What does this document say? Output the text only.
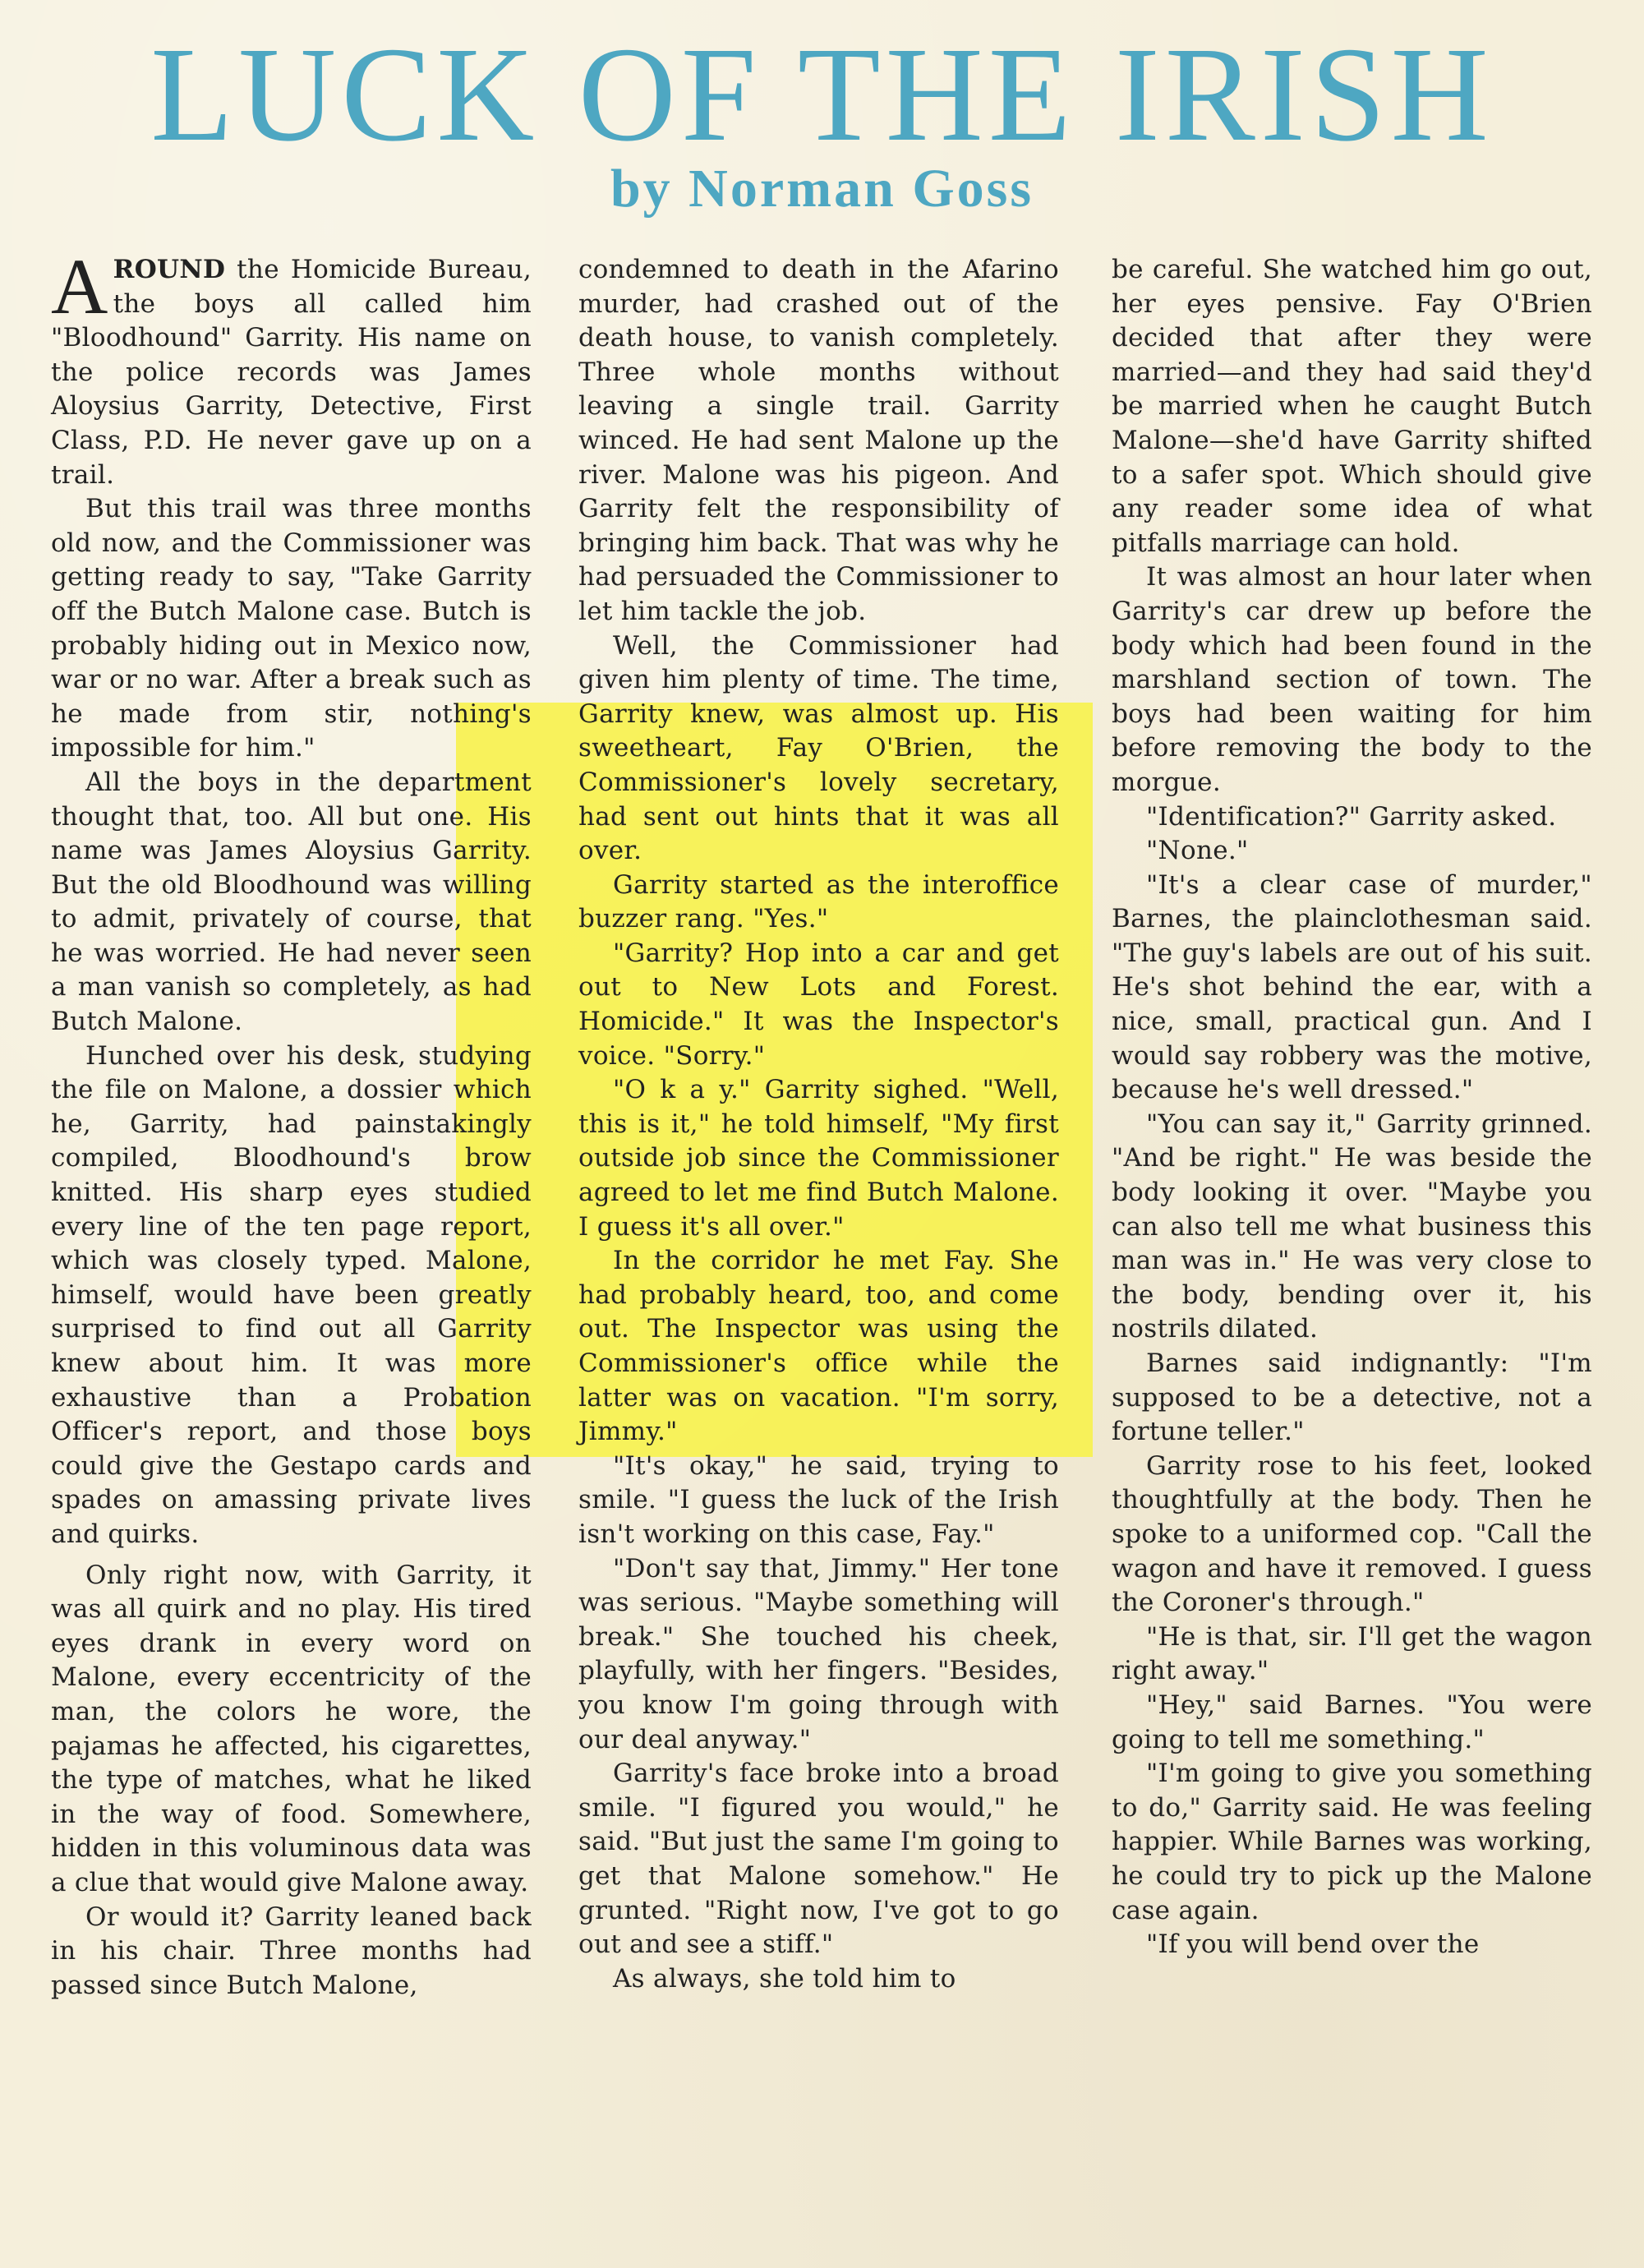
LUCK OF THE IRISH
by Norman Goss

AROUND the Homicide Bureau, the boys all called him "Bloodhound" Garrity. His name on the police records was James Aloysius Garrity, Detective, First Class, P.D. He never gave up on a trail.

But this trail was three months old now, and the Commissioner was getting ready to say, "Take Garrity off the Butch Malone case. Butch is probably hiding out in Mexico now, war or no war. After a break such as he made from stir, nothing's impossible for him."

All the boys in the department thought that, too. All but one. His name was James Aloysius Garrity. But the old Bloodhound was willing to admit, privately of course, that he was worried. He had never seen a man vanish so completely, as had Butch Malone.

Hunched over his desk, studying the file on Malone, a dossier which he, Garrity, had painstakingly compiled, Bloodhound's brow knitted. His sharp eyes studied every line of the ten page report, which was closely typed. Malone, himself, would have been greatly surprised to find out all Garrity knew about him. It was more exhaustive than a Probation Officer's report, and those boys could give the Gestapo cards and spades on amassing private lives and quirks.

Only right now, with Garrity, it was all quirk and no play. His tired eyes drank in every word on Malone, every eccentricity of the man, the colors he wore, the pajamas he affected, his cigarettes, the type of matches, what he liked in the way of food. Somewhere, hidden in this voluminous data was a clue that would give Malone away.

Or would it? Garrity leaned back in his chair. Three months had passed since Butch Malone,

condemned to death in the Afarino murder, had crashed out of the death house, to vanish completely. Three whole months without leaving a single trail. Garrity winced. He had sent Malone up the river. Malone was his pigeon. And Garrity felt the responsibility of bringing him back. That was why he had persuaded the Commissioner to let him tackle the job.

Well, the Commissioner had given him plenty of time. The time, Garrity knew, was almost up. His sweetheart, Fay O'Brien, the Commissioner's lovely secretary, had sent out hints that it was all over.

Garrity started as the interoffice buzzer rang. "Yes."

"Garrity? Hop into a car and get out to New Lots and Forest. Homicide." It was the Inspector's voice. "Sorry."

"O k a y." Garrity sighed. "Well, this is it," he told himself, "My first outside job since the Commissioner agreed to let me find Butch Malone. I guess it's all over."

In the corridor he met Fay. She had probably heard, too, and come out. The Inspector was using the Commissioner's office while the latter was on vacation. "I'm sorry, Jimmy."

"It's okay," he said, trying to smile. "I guess the luck of the Irish isn't working on this case, Fay."

"Don't say that, Jimmy." Her tone was serious. "Maybe something will break." She touched his cheek, playfully, with her fingers. "Besides, you know I'm going through with our deal anyway."

Garrity's face broke into a broad smile. "I figured you would," he said. "But just the same I'm going to get that Malone somehow." He grunted. "Right now, I've got to go out and see a stiff."

As always, she told him to

be careful. She watched him go out, her eyes pensive. Fay O'Brien decided that after they were married—and they had said they'd be married when he caught Butch Malone—she'd have Garrity shifted to a safer spot. Which should give any reader some idea of what pitfalls marriage can hold.

It was almost an hour later when Garrity's car drew up before the body which had been found in the marshland section of town. The boys had been waiting for him before removing the body to the morgue.

"Identification?" Garrity asked.

"None."

"It's a clear case of murder," Barnes, the plainclothesman said. "The guy's labels are out of his suit. He's shot behind the ear, with a nice, small, practical gun. And I would say robbery was the motive, because he's well dressed."

"You can say it," Garrity grinned. "And be right." He was beside the body looking it over. "Maybe you can also tell me what business this man was in." He was very close to the body, bending over it, his nostrils dilated.

Barnes said indignantly: "I'm supposed to be a detective, not a fortune teller."

Garrity rose to his feet, looked thoughtfully at the body. Then he spoke to a uniformed cop. "Call the wagon and have it removed. I guess the Coroner's through."

"He is that, sir. I'll get the wagon right away."

"Hey," said Barnes. "You were going to tell me something."

"I'm going to give you something to do," Garrity said. He was feeling happier. While Barnes was working, he could try to pick up the Malone case again.

"If you will bend over the
